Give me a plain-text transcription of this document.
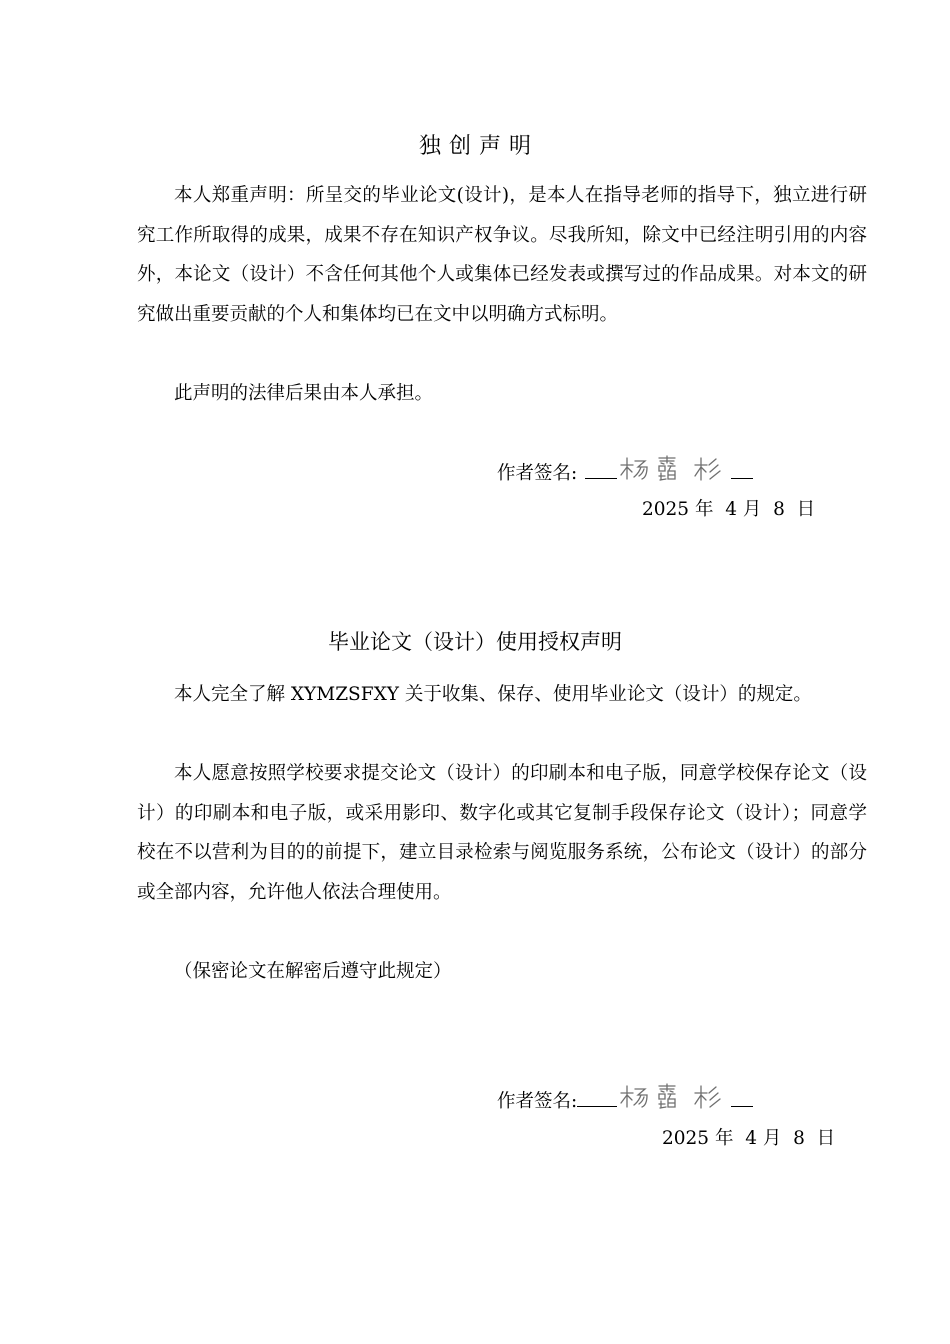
独创声明

本人郑重声明：所呈交的毕业论文(设计)，是本人在指导老师的指导下，独立进行研究工作所取得的成果，成果不存在知识产权争议。尽我所知，除文中已经注明引用的内容外，本论文（设计）不含任何其他个人或集体已经发表或撰写过的作品成果。对本文的研究做出重要贡献的个人和集体均已在文中以明确方式标明。

此声明的法律后果由本人承担。

作者签名:
2025 年  4 月  8  日
毕业论文（设计）使用授权声明

本人完全了解 XYMZSFXY 关于收集、保存、使用毕业论文（设计）的规定。

本人愿意按照学校要求提交论文（设计）的印刷本和电子版，同意学校保存论文（设计）的印刷本和电子版，或采用影印、数字化或其它复制手段保存论文（设计）；同意学校在不以营利为目的的前提下，建立目录检索与阅览服务系统，公布论文（设计）的部分或全部内容，允许他人依法合理使用。

（保密论文在解密后遵守此规定）

作者签名:
2025 年  4 月  8  日
